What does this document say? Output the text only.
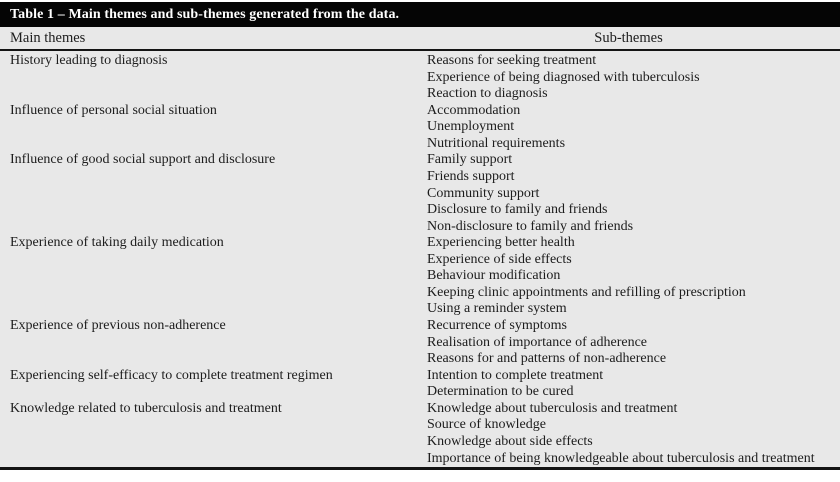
Table 1 – Main themes and sub-themes generated from the data.
Main themes	Sub-themes
History leading to diagnosis	Reasons for seeking treatment
Experience of being diagnosed with tuberculosis
Reaction to diagnosis
Influence of personal social situation	Accommodation
Unemployment
Nutritional requirements
Influence of good social support and disclosure	Family support
Friends support
Community support
Disclosure to family and friends
Non-disclosure to family and friends
Experience of taking daily medication	Experiencing better health
Experience of side effects
Behaviour modification
Keeping clinic appointments and refilling of prescription
Using a reminder system
Experience of previous non-adherence	Recurrence of symptoms
Realisation of importance of adherence
Reasons for and patterns of non-adherence
Experiencing self-efficacy to complete treatment regimen	Intention to complete treatment
Determination to be cured
Knowledge related to tuberculosis and treatment	Knowledge about tuberculosis and treatment
Source of knowledge
Knowledge about side effects
Importance of being knowledgeable about tuberculosis and treatment
